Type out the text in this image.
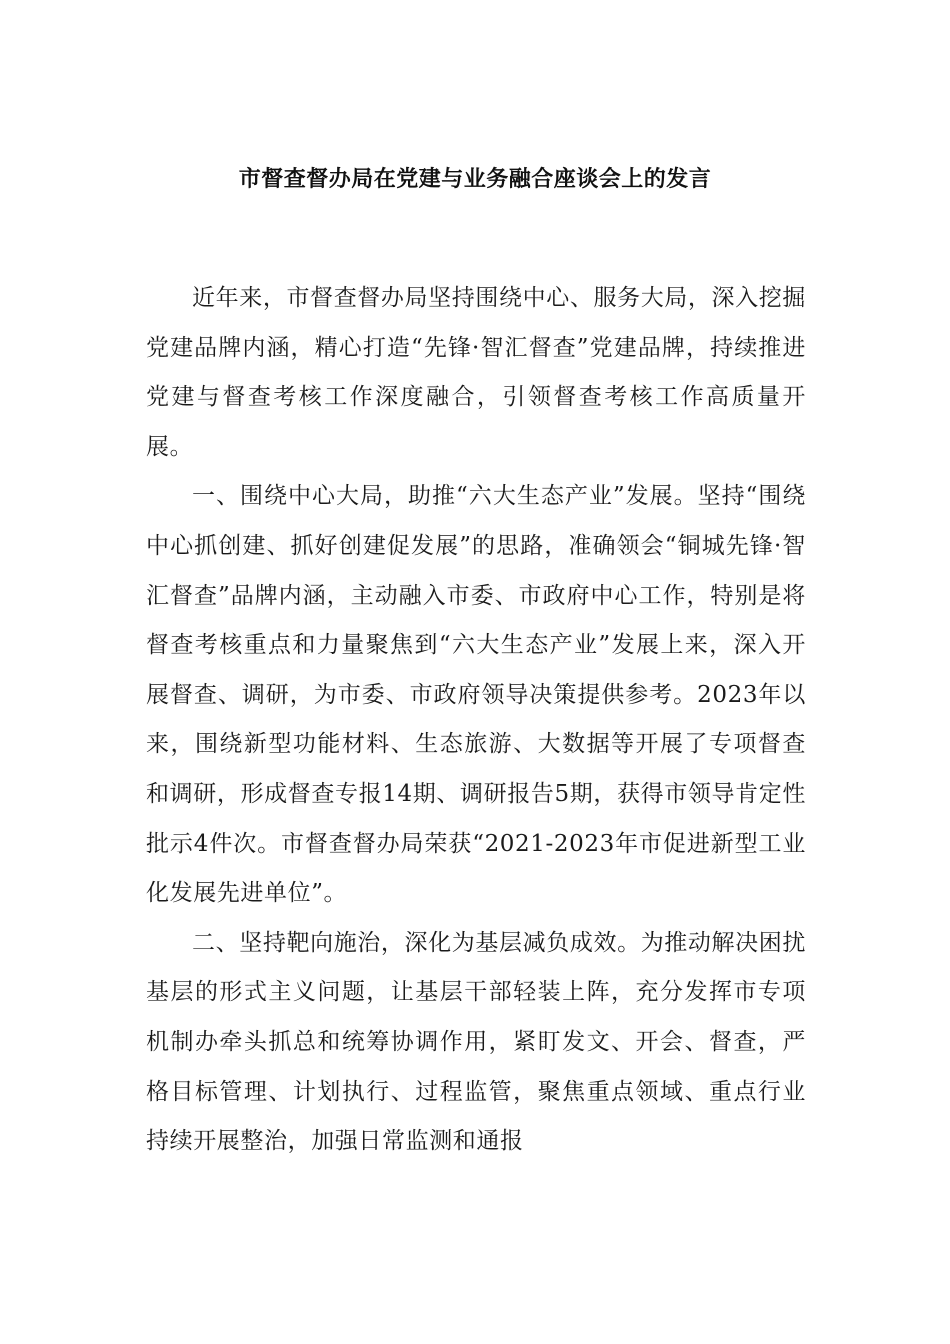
市督查督办局在党建与业务融合座谈会上的发言

近年来，市督查督办局坚持围绕中心、服务大局，深入挖掘党建品牌内涵，精心打造“先锋·智汇督查”党建品牌，持续推进党建与督查考核工作深度融合，引领督查考核工作高质量开展。

一、围绕中心大局，助推“六大生态产业”发展。坚持“围绕中心抓创建、抓好创建促发展”的思路，准确领会“铜城先锋·智汇督查”品牌内涵，主动融入市委、市政府中心工作，特别是将督查考核重点和力量聚焦到“六大生态产业”发展上来，深入开展督查、调研，为市委、市政府领导决策提供参考。2023年以来，围绕新型功能材料、生态旅游、大数据等开展了专项督查和调研，形成督查专报14期、调研报告5期，获得市领导肯定性批示4件次。市督查督办局荣获“2021-2023年市促进新型工业化发展先进单位”。

二、坚持靶向施治，深化为基层减负成效。为推动解决困扰基层的形式主义问题，让基层干部轻装上阵，充分发挥市专项机制办牵头抓总和统筹协调作用，紧盯发文、开会、督查，严格目标管理、计划执行、过程监管，聚焦重点领域、重点行业持续开展整治，加强日常监测和通报
